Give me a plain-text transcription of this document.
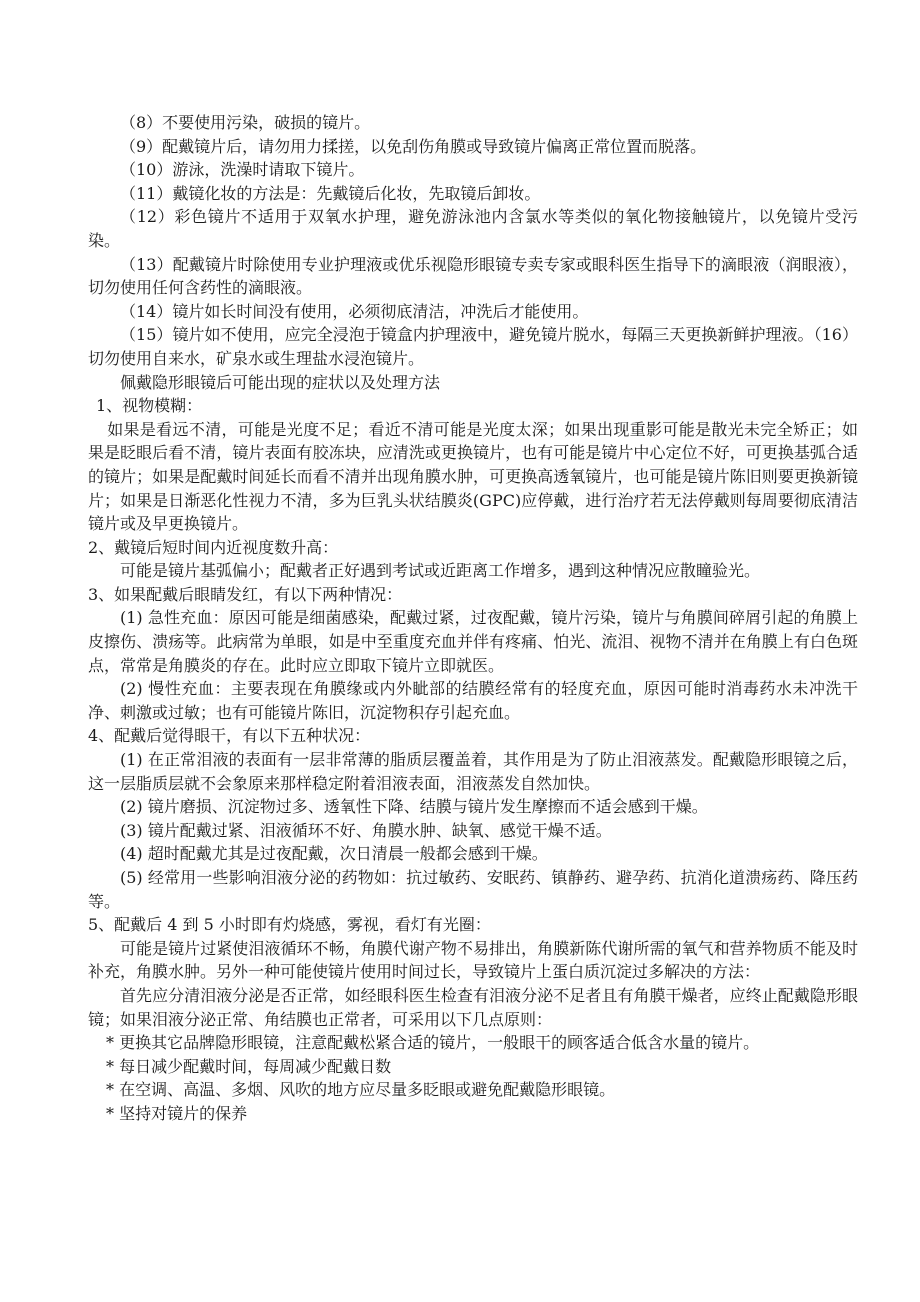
（8）不要使用污染，破损的镜片。

（9）配戴镜片后，请勿用力揉搓，以免刮伤角膜或导致镜片偏离正常位置而脱落。

（10）游泳，洗澡时请取下镜片。

（11）戴镜化妆的方法是：先戴镜后化妆，先取镜后卸妆。

（12）彩色镜片不适用于双氧水护理，避免游泳池内含氯水等类似的氧化物接触镜片，以免镜片受污染。

（13）配戴镜片时除使用专业护理液或优乐视隐形眼镜专卖专家或眼科医生指导下的滴眼液（润眼液），切勿使用任何含药性的滴眼液。

（14）镜片如长时间没有使用，必须彻底清洁，冲洗后才能使用。

（15）镜片如不使用，应完全浸泡于镜盒内护理液中，避免镜片脱水，每隔三天更换新鲜护理液。（16）切勿使用自来水，矿泉水或生理盐水浸泡镜片。

佩戴隐形眼镜后可能出现的症状以及处理方法

1、视物模糊：

如果是看远不清，可能是光度不足；看近不清可能是光度太深；如果出现重影可能是散光未完全矫正；如果是眨眼后看不清，镜片表面有胶冻块，应清洗或更换镜片，也有可能是镜片中心定位不好，可更换基弧合适的镜片；如果是配戴时间延长而看不清并出现角膜水肿，可更换高透氧镜片，也可能是镜片陈旧则要更换新镜片；如果是日渐恶化性视力不清，多为巨乳头状结膜炎(GPC)应停戴，进行治疗若无法停戴则每周要彻底清洁镜片或及早更换镜片。

2、戴镜后短时间内近视度数升高：

可能是镜片基弧偏小；配戴者正好遇到考试或近距离工作增多，遇到这种情况应散瞳验光。

3、如果配戴后眼睛发红，有以下两种情况：

(1) 急性充血：原因可能是细菌感染，配戴过紧，过夜配戴，镜片污染，镜片与角膜间碎屑引起的角膜上皮擦伤、溃疡等。此病常为单眼，如是中至重度充血并伴有疼痛、怕光、流泪、视物不清并在角膜上有白色斑点，常常是角膜炎的存在。此时应立即取下镜片立即就医。

(2) 慢性充血：主要表现在角膜缘或内外眦部的结膜经常有的轻度充血，原因可能时消毒药水未冲洗干净、刺激或过敏；也有可能镜片陈旧，沉淀物积存引起充血。

4、配戴后觉得眼干，有以下五种状况：

(1) 在正常泪液的表面有一层非常薄的脂质层覆盖着，其作用是为了防止泪液蒸发。配戴隐形眼镜之后，这一层脂质层就不会象原来那样稳定附着泪液表面，泪液蒸发自然加快。

(2) 镜片磨损、沉淀物过多、透氧性下降、结膜与镜片发生摩擦而不适会感到干燥。

(3) 镜片配戴过紧、泪液循环不好、角膜水肿、缺氧、感觉干燥不适。

(4) 超时配戴尤其是过夜配戴，次日清晨一般都会感到干燥。

(5) 经常用一些影响泪液分泌的药物如：抗过敏药、安眠药、镇静药、避孕药、抗消化道溃疡药、降压药等。

5、配戴后 4 到 5 小时即有灼烧感，雾视，看灯有光圈：

可能是镜片过紧使泪液循环不畅，角膜代谢产物不易排出，角膜新陈代谢所需的氧气和营养物质不能及时补充，角膜水肿。另外一种可能使镜片使用时间过长，导致镜片上蛋白质沉淀过多解决的方法：

首先应分清泪液分泌是否正常，如经眼科医生检查有泪液分泌不足者且有角膜干燥者，应终止配戴隐形眼镜；如果泪液分泌正常、角结膜也正常者，可采用以下几点原则：

* 更换其它品牌隐形眼镜，注意配戴松紧合适的镜片，一般眼干的顾客适合低含水量的镜片。

* 每日减少配戴时间，每周减少配戴日数

* 在空调、高温、多烟、风吹的地方应尽量多眨眼或避免配戴隐形眼镜。

* 坚持对镜片的保养
